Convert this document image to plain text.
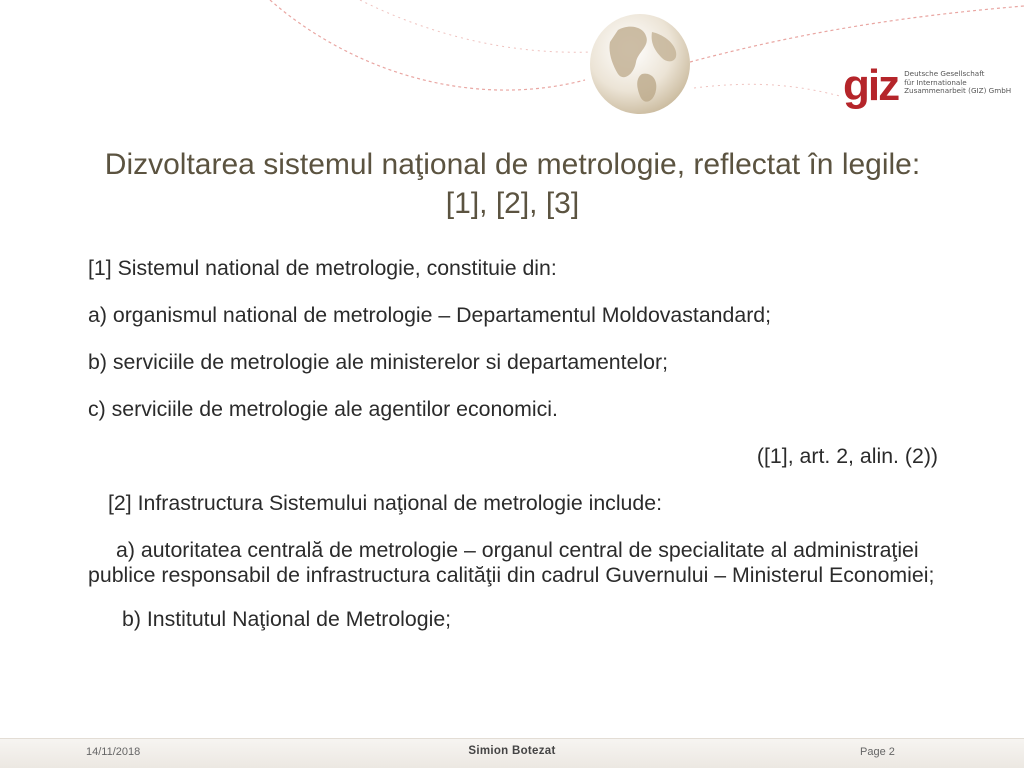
giz Deutsche Gesellschaft
für Internationale
Zusammenarbeit (GIZ) GmbH
Dizvoltarea sistemul naţional de metrologie, reflectat în legile: [1], [2], [3]

[1] Sistemul national de metrologie, constituie din:

a) organismul national de metrologie – Departamentul Moldovastandard;

b) serviciile de metrologie ale ministerelor si departamentelor;

c) serviciile de metrologie ale agentilor economici.

([1], art. 2, alin. (2))

[2] Infrastructura Sistemului naţional de metrologie include:

a) autoritatea centrală de metrologie – organul central de specialitate al administraţiei publice responsabil de infrastructura calităţii din cadrul Guvernului – Ministerul Economiei;

b) Institutul Naţional de Metrologie;

14/11/2018	Simion Botezat	Page 2
